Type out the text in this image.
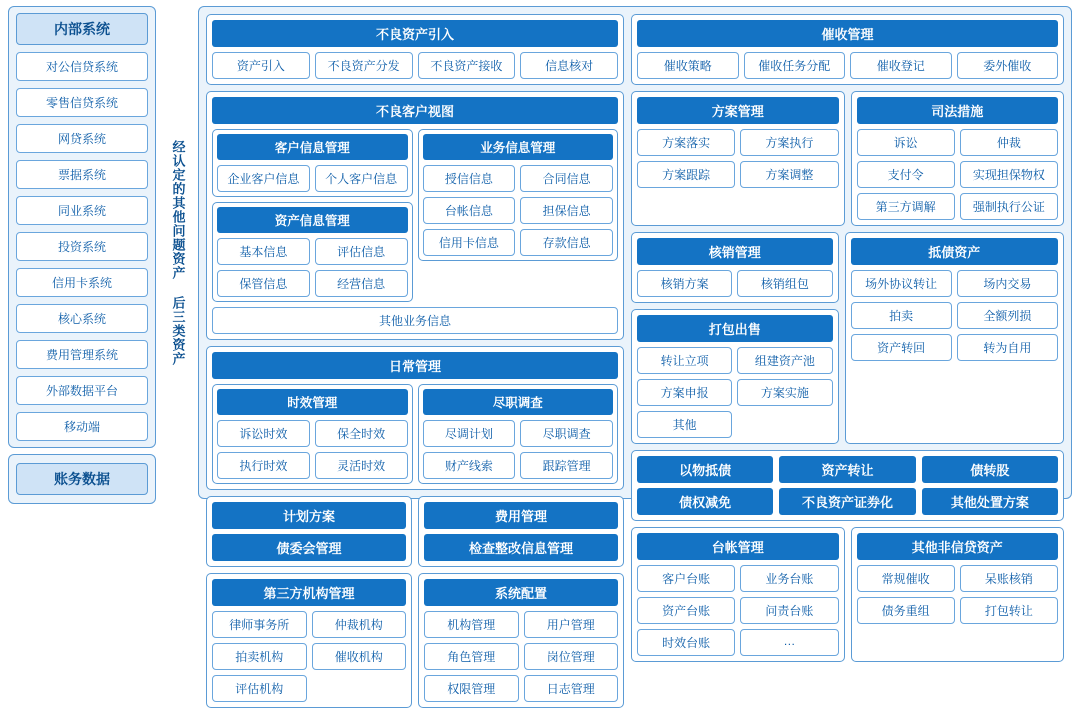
内部系统
对公信贷系统
零售信贷系统
网贷系统
票据系统
同业系统
投资系统
信用卡系统
核心系统
费用管理系统
外部数据平台
移动端
账务数据
经认定的其他问题资产 后三类资产
不良资产引入
资产引入	不良资产分发	不良资产接收	信息核对
不良客户视图
客户信息管理
企业客户信息	个人客户信息
资产信息管理
基本信息	评估信息
保管信息	经营信息
业务信息管理
授信信息	合同信息
台帐信息	担保信息
信用卡信息	存款信息
其他业务信息
日常管理
时效管理
诉讼时效	保全时效
执行时效	灵活时效
尽职调查
尽调计划	尽职调查
财产线索	跟踪管理
计划方案
债委会管理
费用管理
检查整改信息管理
第三方机构管理
律师事务所	仲裁机构
拍卖机构	催收机构
评估机构
系统配置
机构管理	用户管理
角色管理	岗位管理
权限管理	日志管理
催收管理
催收策略	催收任务分配	催收登记	委外催收
方案管理
方案落实	方案执行
方案跟踪	方案调整
司法措施
诉讼	仲裁
支付令	实现担保物权
第三方调解	强制执行公证
核销管理
核销方案	核销组包
打包出售
转让立项	组建资产池
方案申报	方案实施
其他
抵债资产
场外协议转让	场内交易
拍卖	全额列损
资产转回	转为自用
以物抵债	资产转让	债转股
债权减免	不良资产证券化	其他处置方案
台帐管理
客户台账	业务台账
资产台账	问责台账
时效台账	…
其他非信贷资产
常规催收	呆账核销
债务重组	打包转让
